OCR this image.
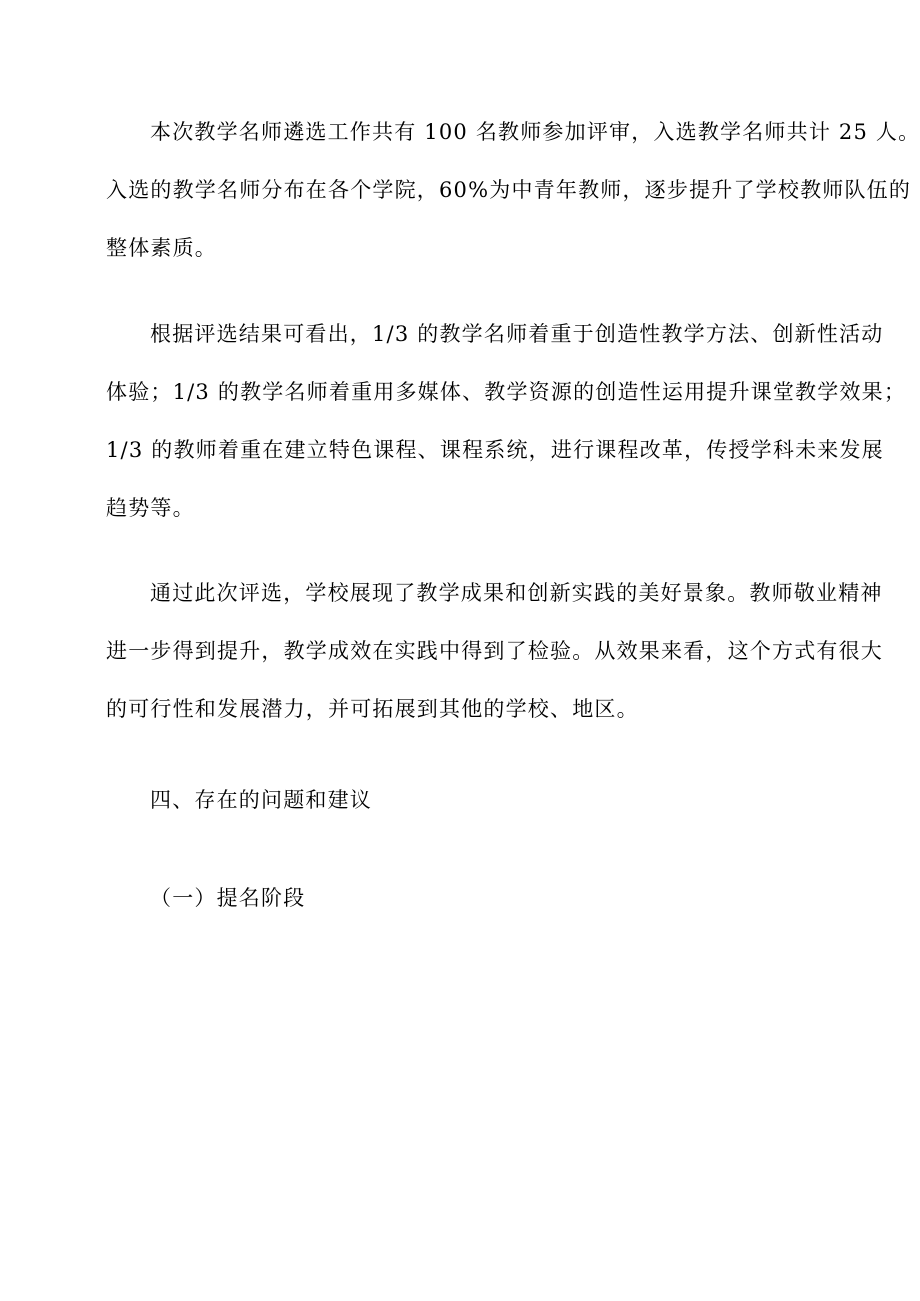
本次教学名师遴选工作共有 100 名教师参加评审，入选教学名师共计 25 人。
入选的教学名师分布在各个学院，60%为中青年教师，逐步提升了学校教师队伍的
整体素质。
根据评选结果可看出，1/3 的教学名师着重于创造性教学方法、创新性活动
体验；1/3 的教学名师着重用多媒体、教学资源的创造性运用提升课堂教学效果；
1/3 的教师着重在建立特色课程、课程系统，进行课程改革，传授学科未来发展
趋势等。
通过此次评选，学校展现了教学成果和创新实践的美好景象。教师敬业精神
进一步得到提升，教学成效在实践中得到了检验。从效果来看，这个方式有很大
的可行性和发展潜力，并可拓展到其他的学校、地区。
四、存在的问题和建议
（一）提名阶段
